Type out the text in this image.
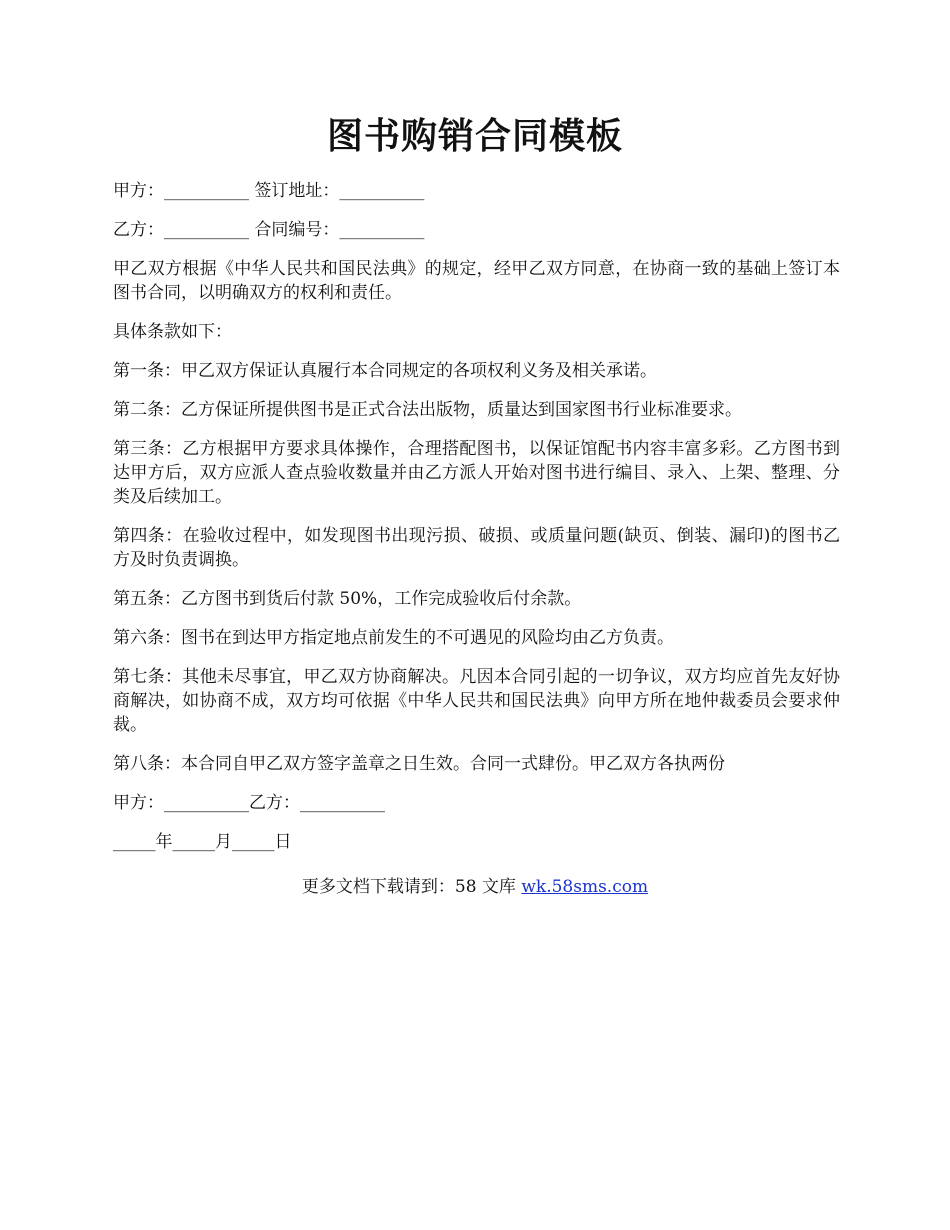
图书购销合同模板

甲方：__________ 签订地址：__________

乙方：__________ 合同编号：__________

甲乙双方根据《中华人民共和国民法典》的规定，经甲乙双方同意，在协商一致的基础上签订本图书合同，以明确双方的权利和责任。

具体条款如下：

第一条：甲乙双方保证认真履行本合同规定的各项权利义务及相关承诺。

第二条：乙方保证所提供图书是正式合法出版物，质量达到国家图书行业标准要求。

第三条：乙方根据甲方要求具体操作，合理搭配图书，以保证馆配书内容丰富多彩。乙方图书到达甲方后，双方应派人查点验收数量并由乙方派人开始对图书进行编目、录入、上架、整理、分类及后续加工。

第四条：在验收过程中，如发现图书出现污损、破损、或质量问题(缺页、倒装、漏印)的图书乙方及时负责调换。

第五条：乙方图书到货后付款 50%，工作完成验收后付余款。

第六条：图书在到达甲方指定地点前发生的不可遇见的风险均由乙方负责。

第七条：其他未尽事宜，甲乙双方协商解决。凡因本合同引起的一切争议，双方均应首先友好协商解决，如协商不成，双方均可依据《中华人民共和国民法典》向甲方所在地仲裁委员会要求仲裁。

第八条：本合同自甲乙双方签字盖章之日生效。合同一式肆份。甲乙双方各执两份

甲方：__________乙方：__________

_____年_____月_____日

更多文档下载请到：58 文库 wk.58sms.com
